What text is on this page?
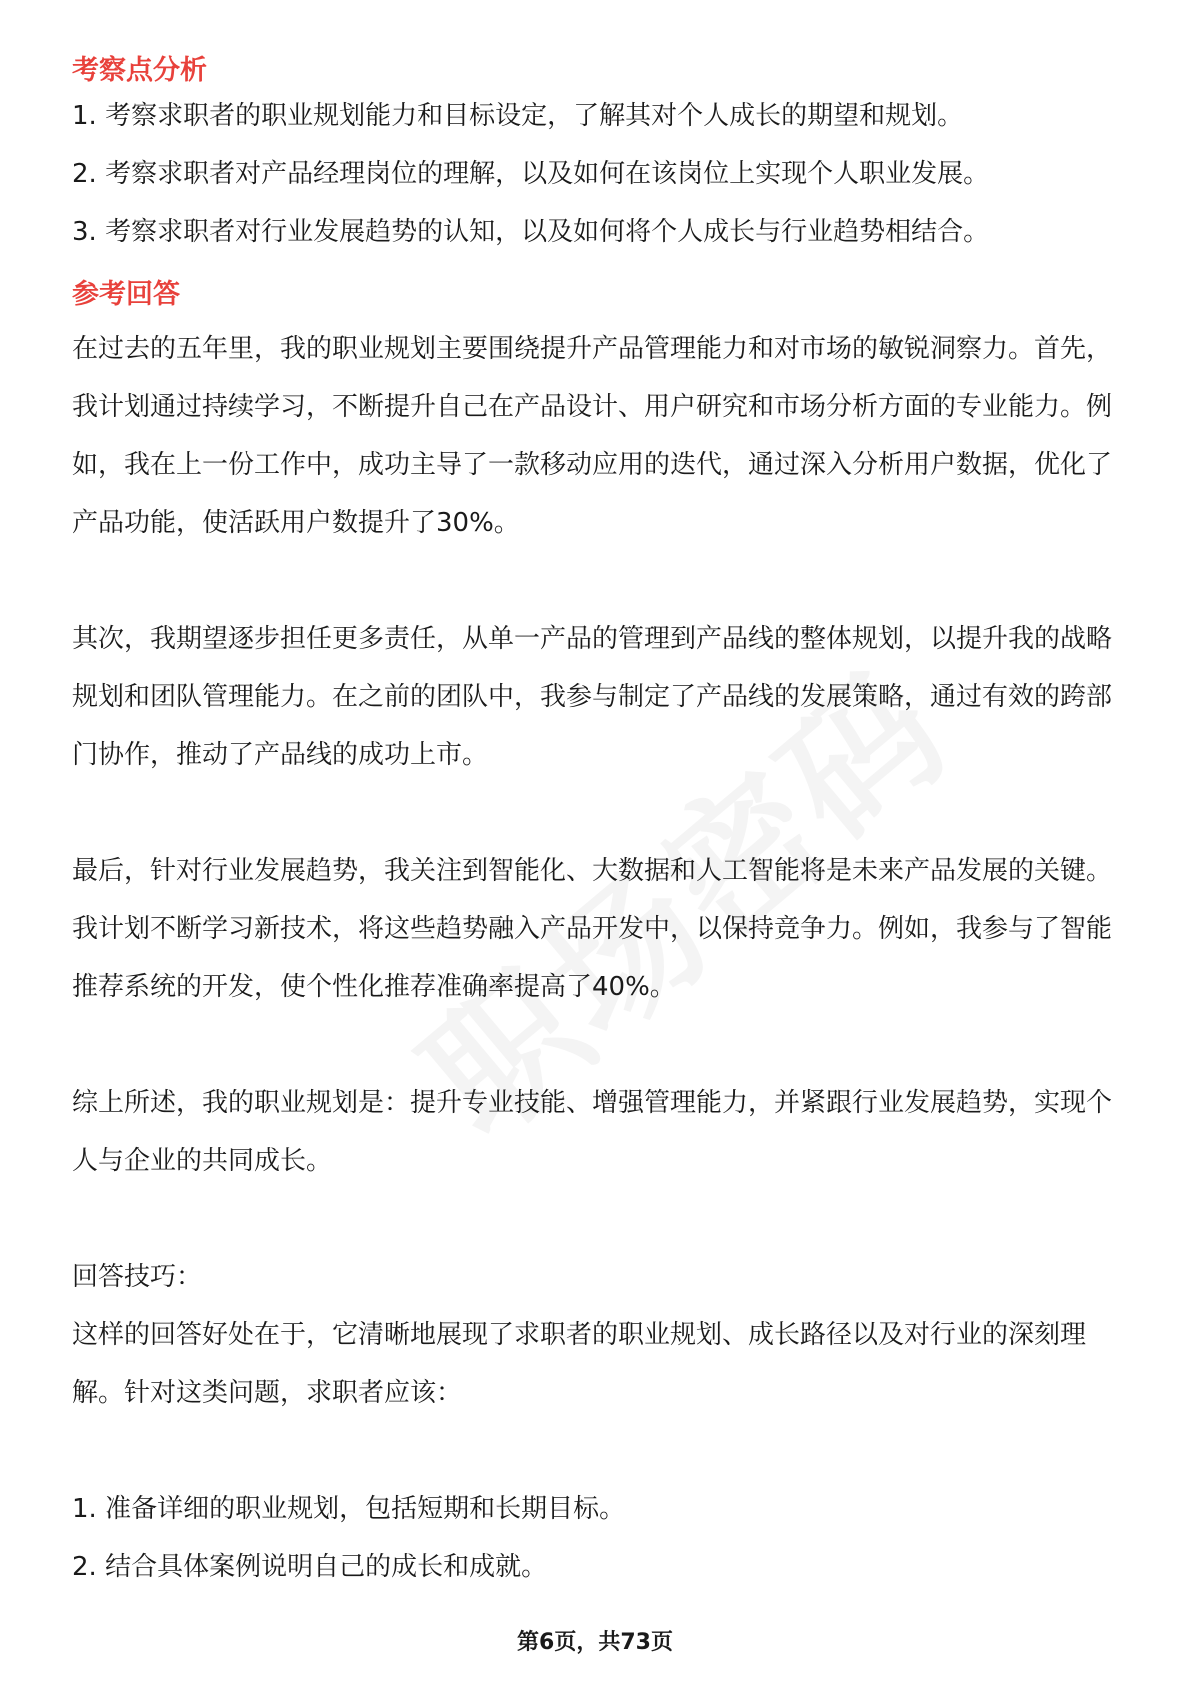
考察点分析

1. 考察求职者的职业规划能力和目标设定，了解其对个人成长的期望和规划。

2. 考察求职者对产品经理岗位的理解，以及如何在该岗位上实现个人职业发展。

3. 考察求职者对行业发展趋势的认知，以及如何将个人成长与行业趋势相结合。

参考回答

在过去的五年里，我的职业规划主要围绕提升产品管理能力和对市场的敏锐洞察力。首先，我计划通过持续学习，不断提升自己在产品设计、用户研究和市场分析方面的专业能力。例如，我在上一份工作中，成功主导了一款移动应用的迭代，通过深入分析用户数据，优化了产品功能，使活跃用户数提升了30%。

其次，我期望逐步担任更多责任，从单一产品的管理到产品线的整体规划，以提升我的战略规划和团队管理能力。在之前的团队中，我参与制定了产品线的发展策略，通过有效的跨部门协作，推动了产品线的成功上市。

最后，针对行业发展趋势，我关注到智能化、大数据和人工智能将是未来产品发展的关键。我计划不断学习新技术，将这些趋势融入产品开发中，以保持竞争力。例如，我参与了智能推荐系统的开发，使个性化推荐准确率提高了40%。

综上所述，我的职业规划是：提升专业技能、增强管理能力，并紧跟行业发展趋势，实现个人与企业的共同成长。

回答技巧：

这样的回答好处在于，它清晰地展现了求职者的职业规划、成长路径以及对行业的深刻理解。针对这类问题，求职者应该：

1. 准备详细的职业规划，包括短期和长期目标。

2. 结合具体案例说明自己的成长和成就。

第6页，共73页
